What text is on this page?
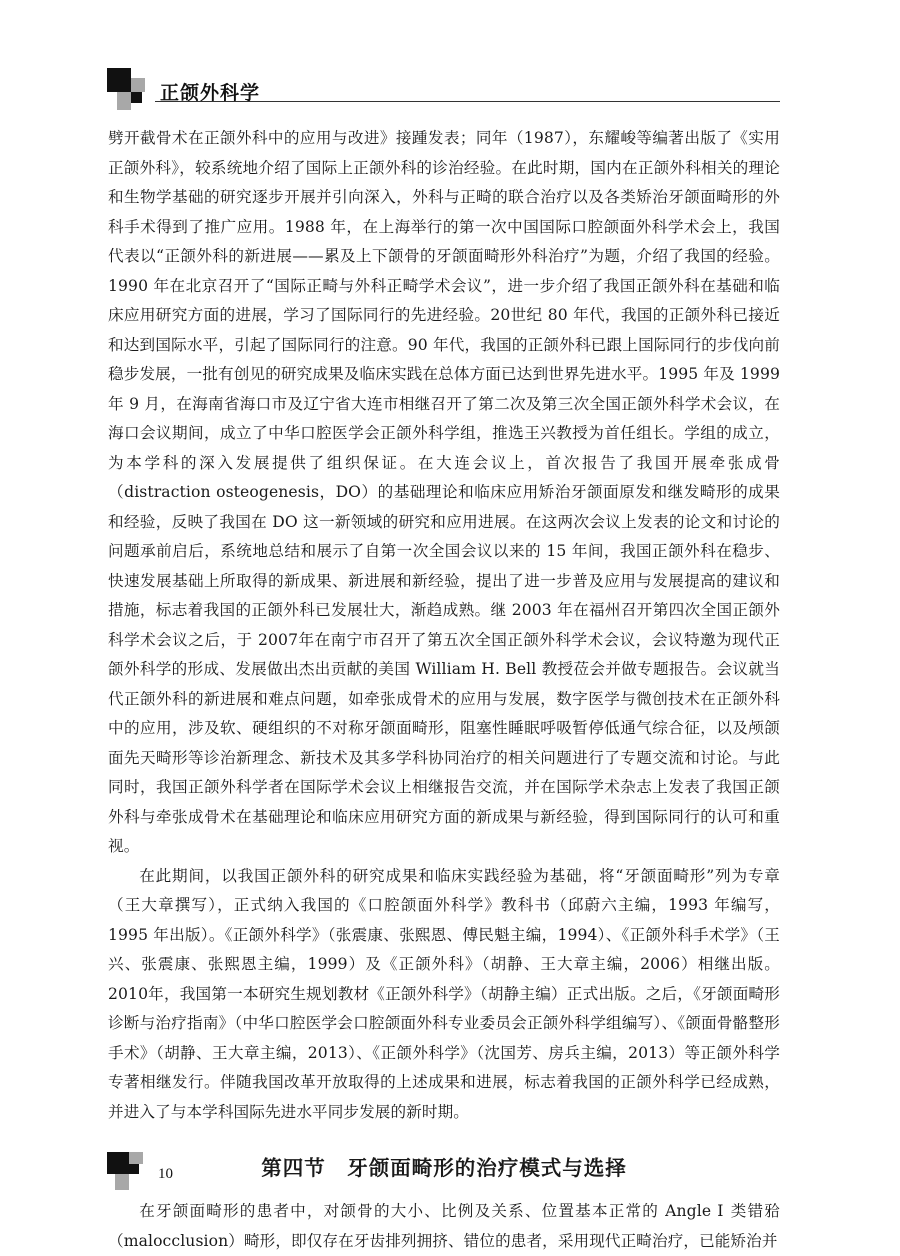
正颌外科学

劈开截骨术在正颌外科中的应用与改进》接踵发表；同年（1987），东耀峻等编著出版了《实用正颌外科》，较系统地介绍了国际上正颌外科的诊治经验。在此时期，国内在正颌外科相关的理论和生物学基础的研究逐步开展并引向深入，外科与正畸的联合治疗以及各类矫治牙颌面畸形的外科手术得到了推广应用。1988 年，在上海举行的第一次中国国际口腔颌面外科学术会上，我国代表以“正颌外科的新进展——累及上下颌骨的牙颌面畸形外科治疗”为题，介绍了我国的经验。1990 年在北京召开了“国际正畸与外科正畸学术会议”，进一步介绍了我国正颌外科在基础和临床应用研究方面的进展，学习了国际同行的先进经验。20世纪 80 年代，我国的正颌外科已接近和达到国际水平，引起了国际同行的注意。90 年代，我国的正颌外科已跟上国际同行的步伐向前稳步发展，一批有创见的研究成果及临床实践在总体方面已达到世界先进水平。1995 年及 1999 年 9 月，在海南省海口市及辽宁省大连市相继召开了第二次及第三次全国正颌外科学术会议，在海口会议期间，成立了中华口腔医学会正颌外科学组，推选王兴教授为首任组长。学组的成立，为本学科的深入发展提供了组织保证。在大连会议上，首次报告了我国开展牵张成骨（distraction osteogenesis，DO）的基础理论和临床应用矫治牙颌面原发和继发畸形的成果和经验，反映了我国在 DO 这一新领域的研究和应用进展。在这两次会议上发表的论文和讨论的问题承前启后，系统地总结和展示了自第一次全国会议以来的 15 年间，我国正颌外科在稳步、快速发展基础上所取得的新成果、新进展和新经验，提出了进一步普及应用与发展提高的建议和措施，标志着我国的正颌外科已发展壮大，渐趋成熟。继 2003 年在福州召开第四次全国正颌外科学术会议之后，于 2007年在南宁市召开了第五次全国正颌外科学术会议，会议特邀为现代正颌外科学的形成、发展做出杰出贡献的美国 William H. Bell 教授莅会并做专题报告。会议就当代正颌外科的新进展和难点问题，如牵张成骨术的应用与发展，数字医学与微创技术在正颌外科中的应用，涉及软、硬组织的不对称牙颌面畸形，阻塞性睡眠呼吸暂停低通气综合征，以及颅颌面先天畸形等诊治新理念、新技术及其多学科协同治疗的相关问题进行了专题交流和讨论。与此同时，我国正颌外科学者在国际学术会议上相继报告交流，并在国际学术杂志上发表了我国正颌外科与牵张成骨术在基础理论和临床应用研究方面的新成果与新经验，得到国际同行的认可和重视。

在此期间，以我国正颌外科的研究成果和临床实践经验为基础，将“牙颌面畸形”列为专章（王大章撰写），正式纳入我国的《口腔颌面外科学》教科书（邱蔚六主编，1993 年编写，1995 年出版）。《正颌外科学》（张震康、张熙恩、傅民魁主编，1994）、《正颌外科手术学》（王兴、张震康、张熙恩主编，1999）及《正颌外科》（胡静、王大章主编，2006）相继出版。2010年，我国第一本研究生规划教材《正颌外科学》（胡静主编）正式出版。之后，《牙颌面畸形诊断与治疗指南》（中华口腔医学会口腔颌面外科专业委员会正颌外科学组编写）、《颌面骨骼整形手术》（胡静、王大章主编，2013）、《正颌外科学》（沈国芳、房兵主编，2013）等正颌外科学专著相继发行。伴随我国改革开放取得的上述成果和进展，标志着我国的正颌外科学已经成熟，并进入了与本学科国际先进水平同步发展的新时期。

第四节　牙颌面畸形的治疗模式与选择

在牙颌面畸形的患者中，对颌骨的大小、比例及关系、位置基本正常的 Angle Ⅰ 类错𬌗（malocclusion）畸形，即仅存在牙齿排列拥挤、错位的患者，采用现代正畸治疗，已能矫治并

10
